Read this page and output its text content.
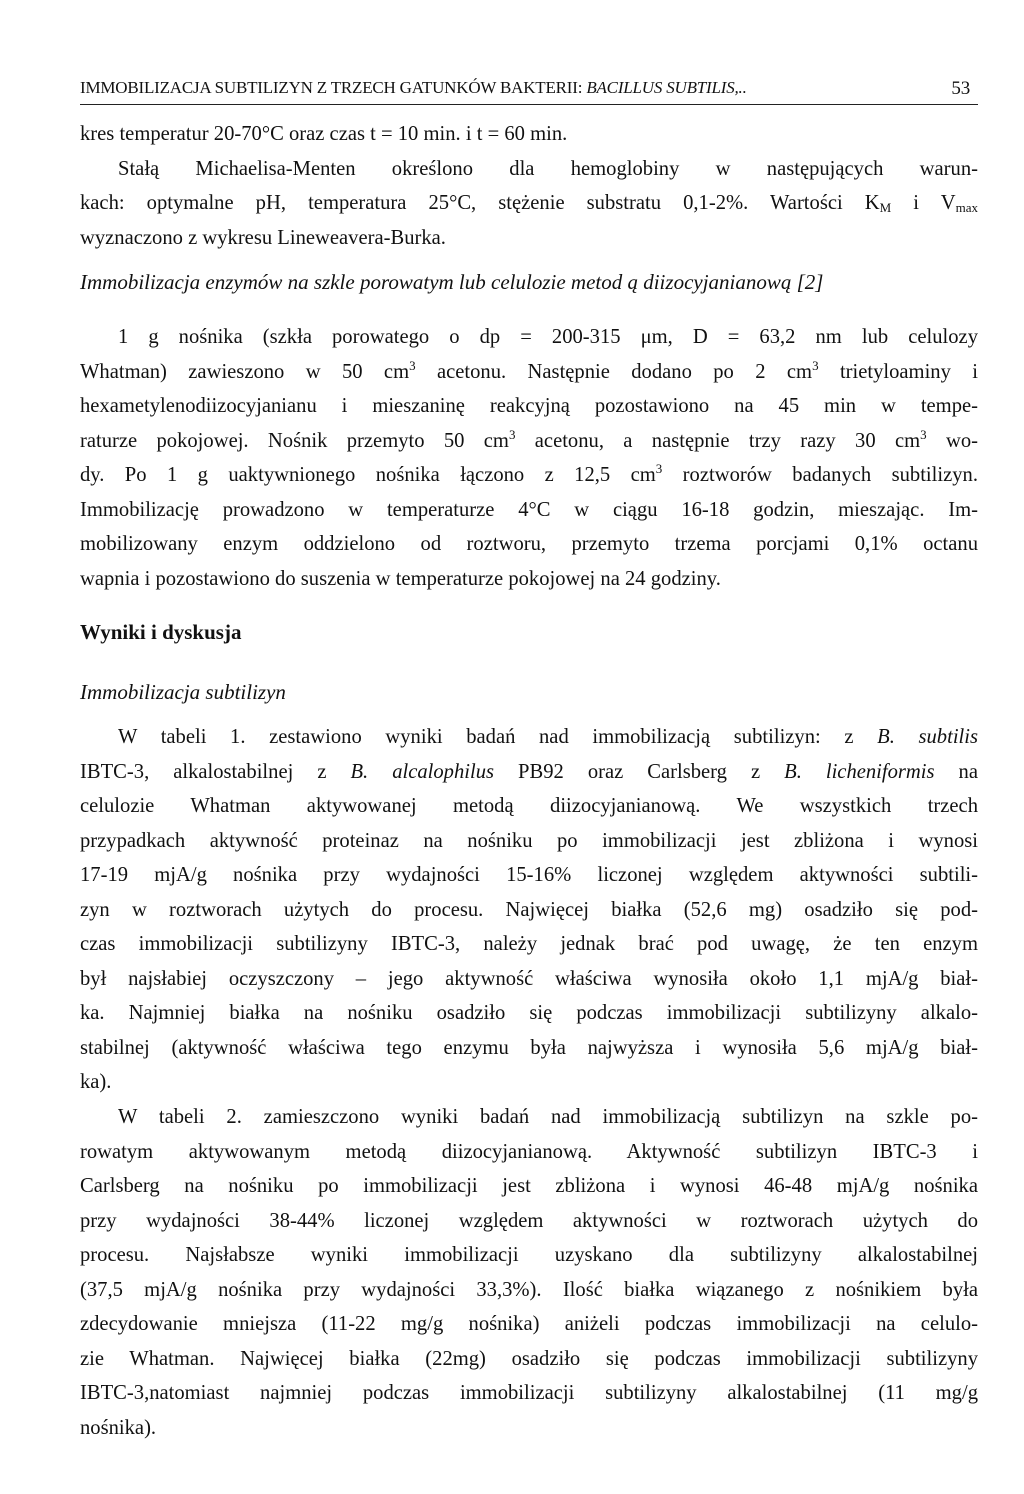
IMMOBILIZACJA SUBTILIZYN Z TRZECH GATUNKÓW BAKTERII: BACILLUS SUBTILIS,..	53
kres temperatur 20-70°C oraz czas t = 10 min. i t = 60 min.
Stałą Michaelisa-Menten określono dla hemoglobiny w następujących warun-
kach: optymalne pH, temperatura 25°C, stężenie substratu 0,1-2%. Wartości $K_M$ i $V_{max}$
wyznaczono z wykresu Lineweavera-Burka.
Immobilizacja enzymów na szkle porowatym lub celulozie metod ą diizocyjanianową [2]
1 g nośnika (szkła porowatego o dp = 200-315 μm, D = 63,2 nm lub celulozy
Whatman) zawieszono w 50 $cm^3$ acetonu. Następnie dodano po 2 $cm^3$ trietyloaminy i
hexametylenodiizocyjanianu i mieszaninę reakcyjną pozostawiono na 45 min w tempe-
raturze pokojowej. Nośnik przemyto 50 $cm^3$ acetonu, a następnie trzy razy 30 $cm^3$ wo-
dy. Po 1 g uaktywnionego nośnika łączono z 12,5 $cm^3$ roztworów badanych subtilizyn.
Immobilizację prowadzono w temperaturze 4°C w ciągu 16-18 godzin, mieszając. Im-
mobilizowany enzym oddzielono od roztworu, przemyto trzema porcjami 0,1% octanu
wapnia i pozostawiono do suszenia w temperaturze pokojowej na 24 godziny.
Wyniki i dyskusja
Immobilizacja subtilizyn
W tabeli 1. zestawiono wyniki badań nad immobilizacją subtilizyn: z B. subtilis
IBTC-3, alkalostabilnej z B. alcalophilus PB92 oraz Carlsberg z B. licheniformis na
celulozie Whatman aktywowanej metodą diizocyjanianową. We wszystkich trzech
przypadkach aktywność proteinaz na nośniku po immobilizacji jest zbliżona i wynosi
17-19 mjA/g nośnika przy wydajności 15-16% liczonej względem aktywności subtili-
zyn w roztworach użytych do procesu. Najwięcej białka (52,6 mg) osadziło się pod-
czas immobilizacji subtilizyny IBTC-3, należy jednak brać pod uwagę, że ten enzym
był najsłabiej oczyszczony – jego aktywność właściwa wynosiła około 1,1 mjA/g biał-
ka. Najmniej białka na nośniku osadziło się podczas immobilizacji subtilizyny alkalo-
stabilnej (aktywność właściwa tego enzymu była najwyższa i wynosiła 5,6 mjA/g biał-
ka).
W tabeli 2. zamieszczono wyniki badań nad immobilizacją subtilizyn na szkle po-
rowatym aktywowanym metodą diizocyjanianową. Aktywność subtilizyn IBTC-3 i
Carlsberg na nośniku po immobilizacji jest zbliżona i wynosi 46-48 mjA/g nośnika
przy wydajności 38-44% liczonej względem aktywności w roztworach użytych do
procesu. Najsłabsze wyniki immobilizacji uzyskano dla subtilizyny alkalostabilnej
(37,5 mjA/g nośnika przy wydajności 33,3%). Ilość białka wiązanego z nośnikiem była
zdecydowanie mniejsza (11-22 mg/g nośnika) aniżeli podczas immobilizacji na celulo-
zie Whatman. Najwięcej białka (22mg) osadziło się podczas immobilizacji subtilizyny
IBTC-3,natomiast najmniej podczas immobilizacji subtilizyny alkalostabilnej (11 mg/g
nośnika).
